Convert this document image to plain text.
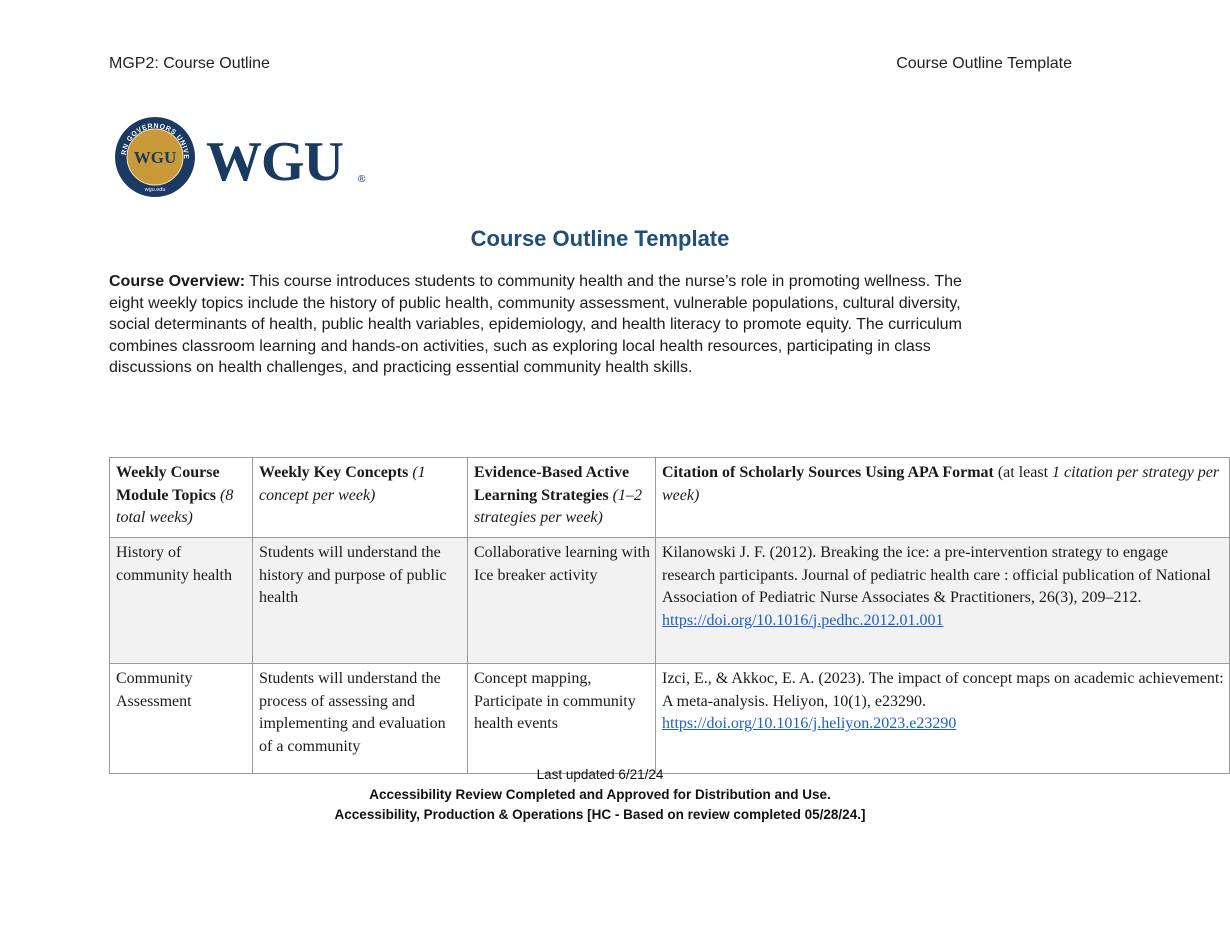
MGP2: Course Outline	Course Outline Template
RN GOVERNORS UNIVE
WGU
wgu.edu WGU ®
Course Outline Template
Course Overview: This course introduces students to community health and the nurse’s role in promoting wellness. The
eight weekly topics include the history of public health, community assessment, vulnerable populations, cultural diversity,
social determinants of health, public health variables, epidemiology, and health literacy to promote equity. The curriculum
combines classroom learning and hands-on activities, such as exploring local health resources, participating in class
discussions on health challenges, and practicing essential community health skills.
Weekly Course Module Topics (8 total weeks)	Weekly Key Concepts (1 concept per week)	Evidence-Based Active Learning Strategies (1–2 strategies per week)	Citation of Scholarly Sources Using APA Format (at least 1 citation per strategy per week)
History of community health	Students will understand the history and purpose of public health	Collaborative learning with Ice breaker activity	Kilanowski J. F. (2012). Breaking the ice: a pre-intervention strategy to engage research participants. Journal of pediatric health care : official publication of National Association of Pediatric Nurse Associates & Practitioners, 26(3), 209–212. https://doi.org/10.1016/j.pedhc.2012.01.001
Community Assessment	Students will understand the process of assessing and implementing and evaluation of a community	Concept mapping, Participate in community health events	Izci, E., & Akkoc, E. A. (2023). The impact of concept maps on academic achievement: A meta-analysis. Heliyon, 10(1), e23290. https://doi.org/10.1016/j.heliyon.2023.e23290
Last updated 6/21/24
Accessibility Review Completed and Approved for Distribution and Use.
Accessibility, Production & Operations [HC - Based on review completed 05/28/24.]
